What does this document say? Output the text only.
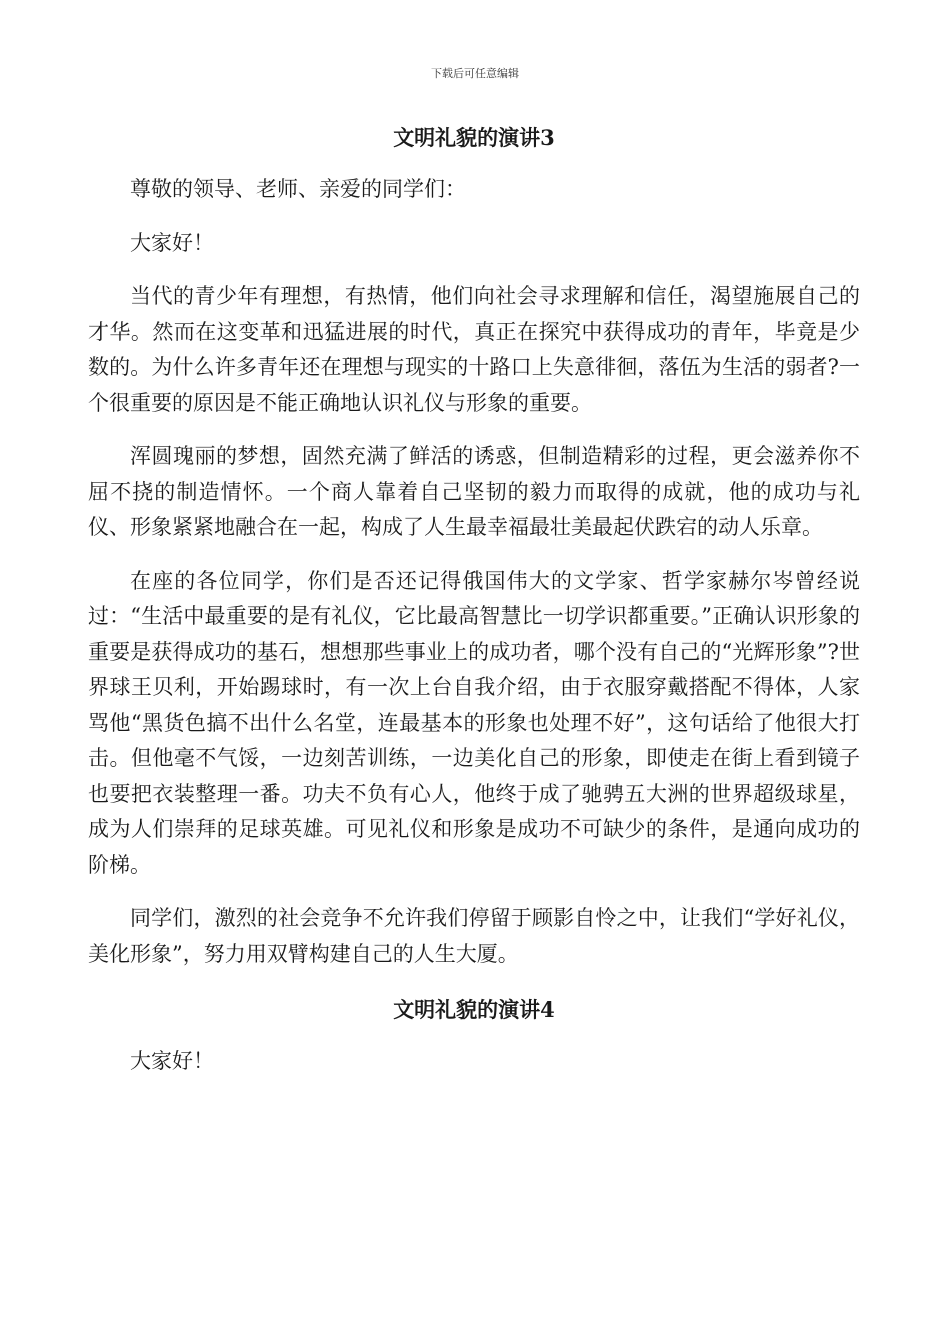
下载后可任意编辑
文明礼貌的演讲3

尊敬的领导、老师、亲爱的同学们：

大家好！

当代的青少年有理想，有热情，他们向社会寻求理解和信任，渴望施展自己的才华。然而在这变革和迅猛进展的时代，真正在探究中获得成功的青年，毕竟是少数的。为什么许多青年还在理想与现实的十路口上失意徘徊，落伍为生活的弱者?一个很重要的原因是不能正确地认识礼仪与形象的重要。

浑圆瑰丽的梦想，固然充满了鲜活的诱惑，但制造精彩的过程，更会滋养你不屈不挠的制造情怀。一个商人靠着自己坚韧的毅力而取得的成就，他的成功与礼仪、形象紧紧地融合在一起，构成了人生最幸福最壮美最起伏跌宕的动人乐章。

在座的各位同学，你们是否还记得俄国伟大的文学家、哲学家赫尔岑曾经说过：“生活中最重要的是有礼仪，它比最高智慧比一切学识都重要。”正确认识形象的重要是获得成功的基石，想想那些事业上的成功者，哪个没有自己的“光辉形象”?世界球王贝利，开始踢球时，有一次上台自我介绍，由于衣服穿戴搭配不得体，人家骂他“黑货色搞不出什么名堂，连最基本的形象也处理不好”，这句话给了他很大打击。但他毫不气馁，一边刻苦训练，一边美化自己的形象，即使走在街上看到镜子也要把衣装整理一番。功夫不负有心人，他终于成了驰骋五大洲的世界超级球星，成为人们崇拜的足球英雄。可见礼仪和形象是成功不可缺少的条件，是通向成功的阶梯。

同学们，激烈的社会竞争不允许我们停留于顾影自怜之中，让我们“学好礼仪，美化形象”，努力用双臂构建自己的人生大厦。

文明礼貌的演讲4

大家好！
